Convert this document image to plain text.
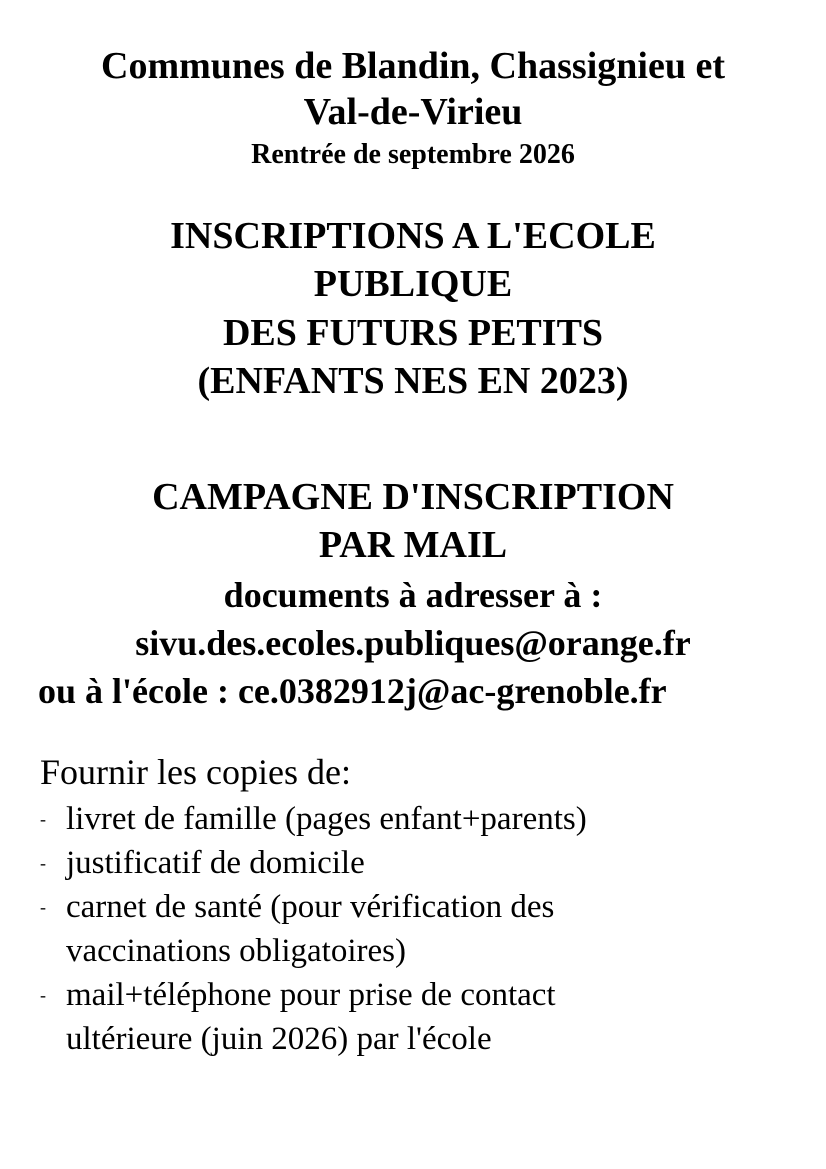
Communes de Blandin, Chassignieu et
Val-de-Virieu
Rentrée de septembre 2026
INSCRIPTIONS A L'ECOLE
PUBLIQUE
DES FUTURS PETITS
(ENFANTS NES EN 2023)
CAMPAGNE D'INSCRIPTION
PAR MAIL
documents à adresser à :
sivu.des.ecoles.publiques@orange.fr
ou à l'école : ce.0382912j@ac-grenoble.fr
Fournir les copies de:
- livret de famille (pages enfant+parents)
- justificatif de domicile
- carnet de santé (pour vérification des
vaccinations obligatoires)
- mail+téléphone pour prise de contact
ultérieure (juin 2026) par l'école
